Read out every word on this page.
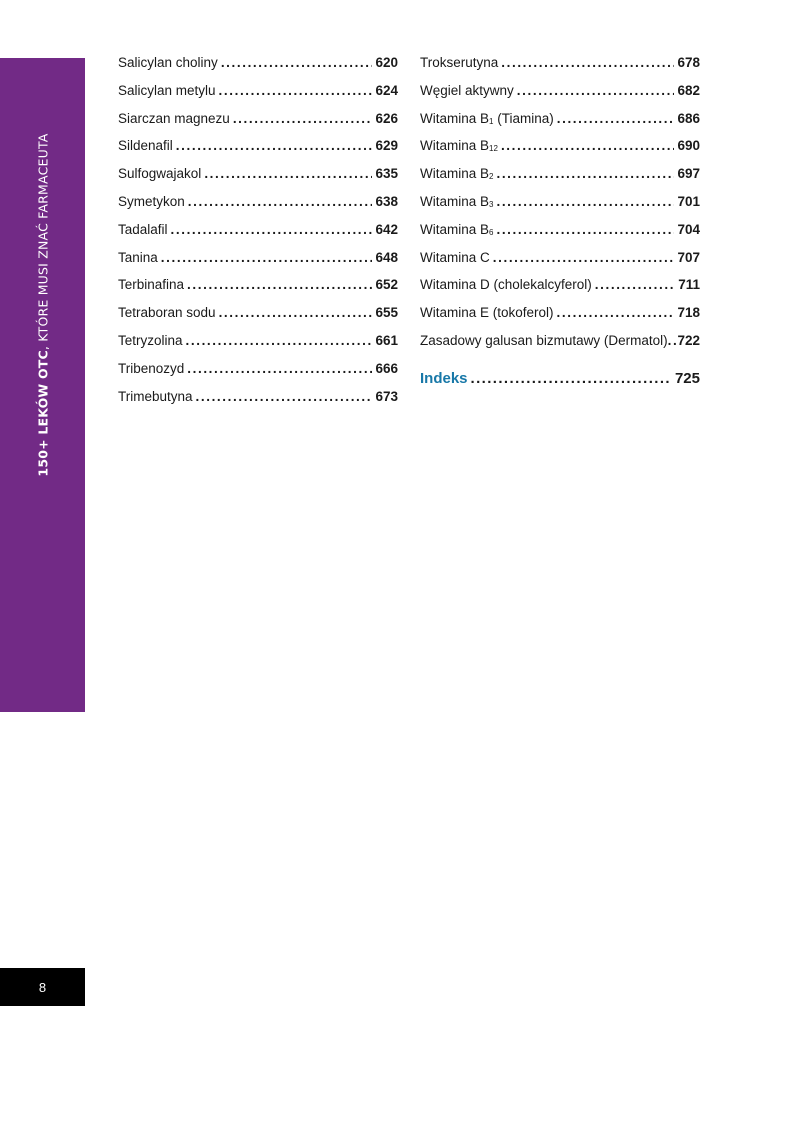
150+ LEKÓW OTC, KTÓRE MUSI ZNAĆ FARMACEUTA
8
Salicylan choliny .....	620
Salicylan metylu .....	624
Siarczan magnezu .....	626
Sildenafil .....	629
Sulfogwajakol .....	635
Symetykon .....	638
Tadalafil .....	642
Tanina .....	648
Terbinafina .....	652
Tetraboran sodu .....	655
Tetryzolina .....	661
Tribenozyd .....	666
Trimebutyna .....	673
Trokserutyna .....	678
Węgiel aktywny .....	682
Witamina $B_1$ (Tiamina) .....	686
Witamina $B_{12}$ .....	690
Witamina $B_2$ .....	697
Witamina $B_3$ .....	701
Witamina $B_6$ .....	704
Witamina C .....	707
Witamina D (cholekalcyferol) .....	711
Witamina E (tokoferol) .....	718
Zasadowy galusan bizmutawy (Dermatol) ..... 722
Indeks .....	725
